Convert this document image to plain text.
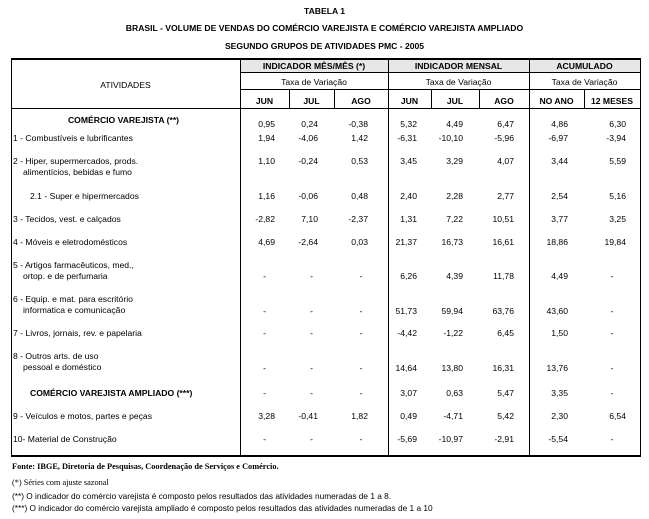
TABELA 1
BRASIL - VOLUME DE VENDAS DO COMÉRCIO VAREJISTA E COMÉRCIO VAREJISTA AMPLIADO
SEGUNDO GRUPOS DE ATIVIDADES PMC - 2005
ATIVIDADES
INDICADOR MÊS/MÊS (*)	INDICADOR MENSAL	ACUMULADO
Taxa de Variação	Taxa de Variação	Taxa de Variação
JUN	JUL	AGO	JUN	JUL	AGO	NO ANO	12 MESES
COMÉRCIO VAREJISTA (**)	0,95	0,24	-0,38	5,32	4,49	6,47	4,86	6,30
1 - Combustíveis e lubrificantes	1,94	-4,06	1,42	-6,31	-10,10	-5,96	-6,97	-3,94
2 - Hiper, supermercados, prods.
alimentícios, bebidas e fumo
1,10	-0,24	0,53	3,45	3,29	4,07	3,44	5,59
2.1 - Super e hipermercados	1,16	-0,06	0,48	2,40	2,28	2,77	2,54	5,16
3 - Tecidos, vest. e calçados	-2,82	7,10	-2,37	1,31	7,22	10,51	3,77	3,25
4 - Móveis e eletrodomésticos	4,69	-2,64	0,03	21,37	16,73	16,61	18,86	19,84
5 - Artigos farmacêuticos, med.,
ortop. e de perfumaria	-	-	-	6,26	4,39	11,78	4,49	-
6 - Equip. e mat. para escritório
informatica e comunicação	-	-	-	51,73	59,94	63,76	43,60	-
7 - Livros, jornais, rev. e papelaria	-	-	-	-4,42	-1,22	6,45	1,50	-
8 - Outros arts. de uso
pessoal e doméstico	-	-	-	14,64	13,80	16,31	13,76	-
COMÉRCIO VAREJISTA AMPLIADO (***)	-	-	-	3,07	0,63	5,47	3,35	-
9 - Veículos e motos, partes e peças	3,28	-0,41	1,82	0,49	-4,71	5,42	2,30	6,54
10- Material de Construção	-	-	-	-5,69	-10,97	-2,91	-5,54	-
Fonte: IBGE, Diretoria de Pesquisas, Coordenação de Serviços e Comércio.
(*) Séries com ajuste sazonal
(**) O indicador do comércio varejista é composto pelos resultados das atividades numeradas de 1 a 8.
(***) O indicador do comércio varejista ampliado é composto pelos resultados das atividades numeradas de 1 a 10
